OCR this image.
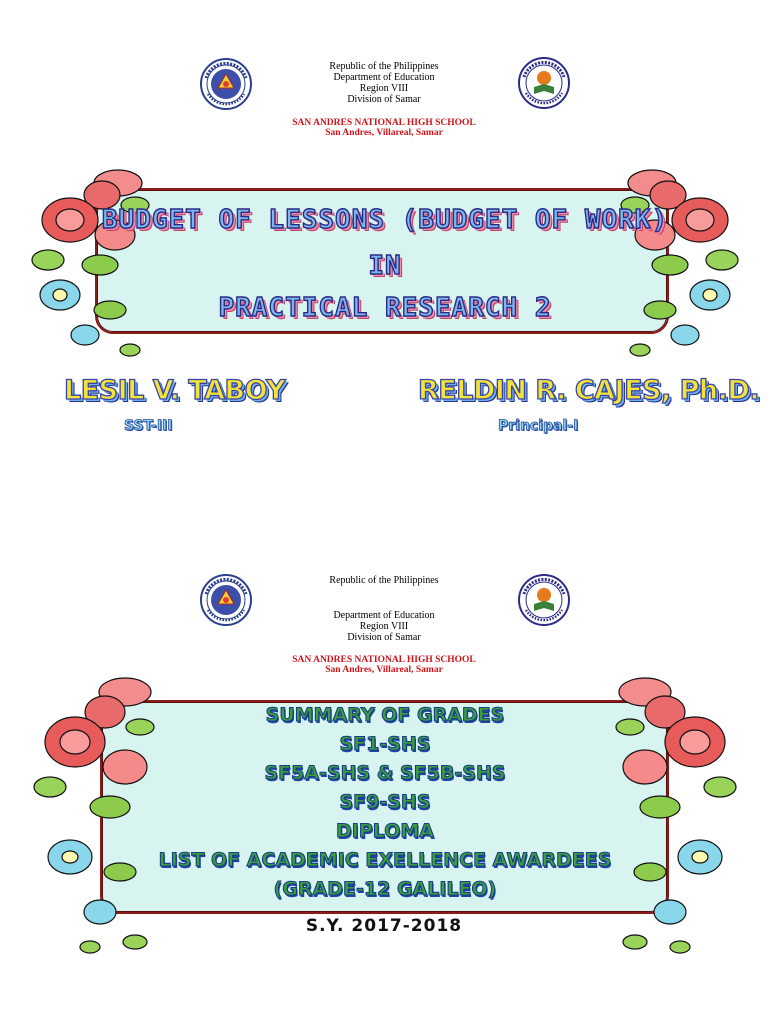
Republic of the Philippines
Department of Education
Region VIII
Division of Samar
SAN ANDRES NATIONAL HIGH SCHOOL
San Andres, Villareal, Samar
BUDGET OF LESSONS (BUDGET OF WORK)
IN
PRACTICAL RESEARCH 2
LESIL V. TABOY
SST-III
RELDIN R. CAJES, Ph.D.
Principal-I
Republic of the Philippines
Department of Education
Region VIII
Division of Samar
SAN ANDRES NATIONAL HIGH SCHOOL
San Andres, Villareal, Samar
SUMMARY OF GRADES
SF1-SHS
SF5A-SHS & SF5B-SHS
SF9-SHS
DIPLOMA
LIST OF ACADEMIC EXELLENCE AWARDEES
(GRADE-12 GALILEO)
S.Y. 2017-2018
